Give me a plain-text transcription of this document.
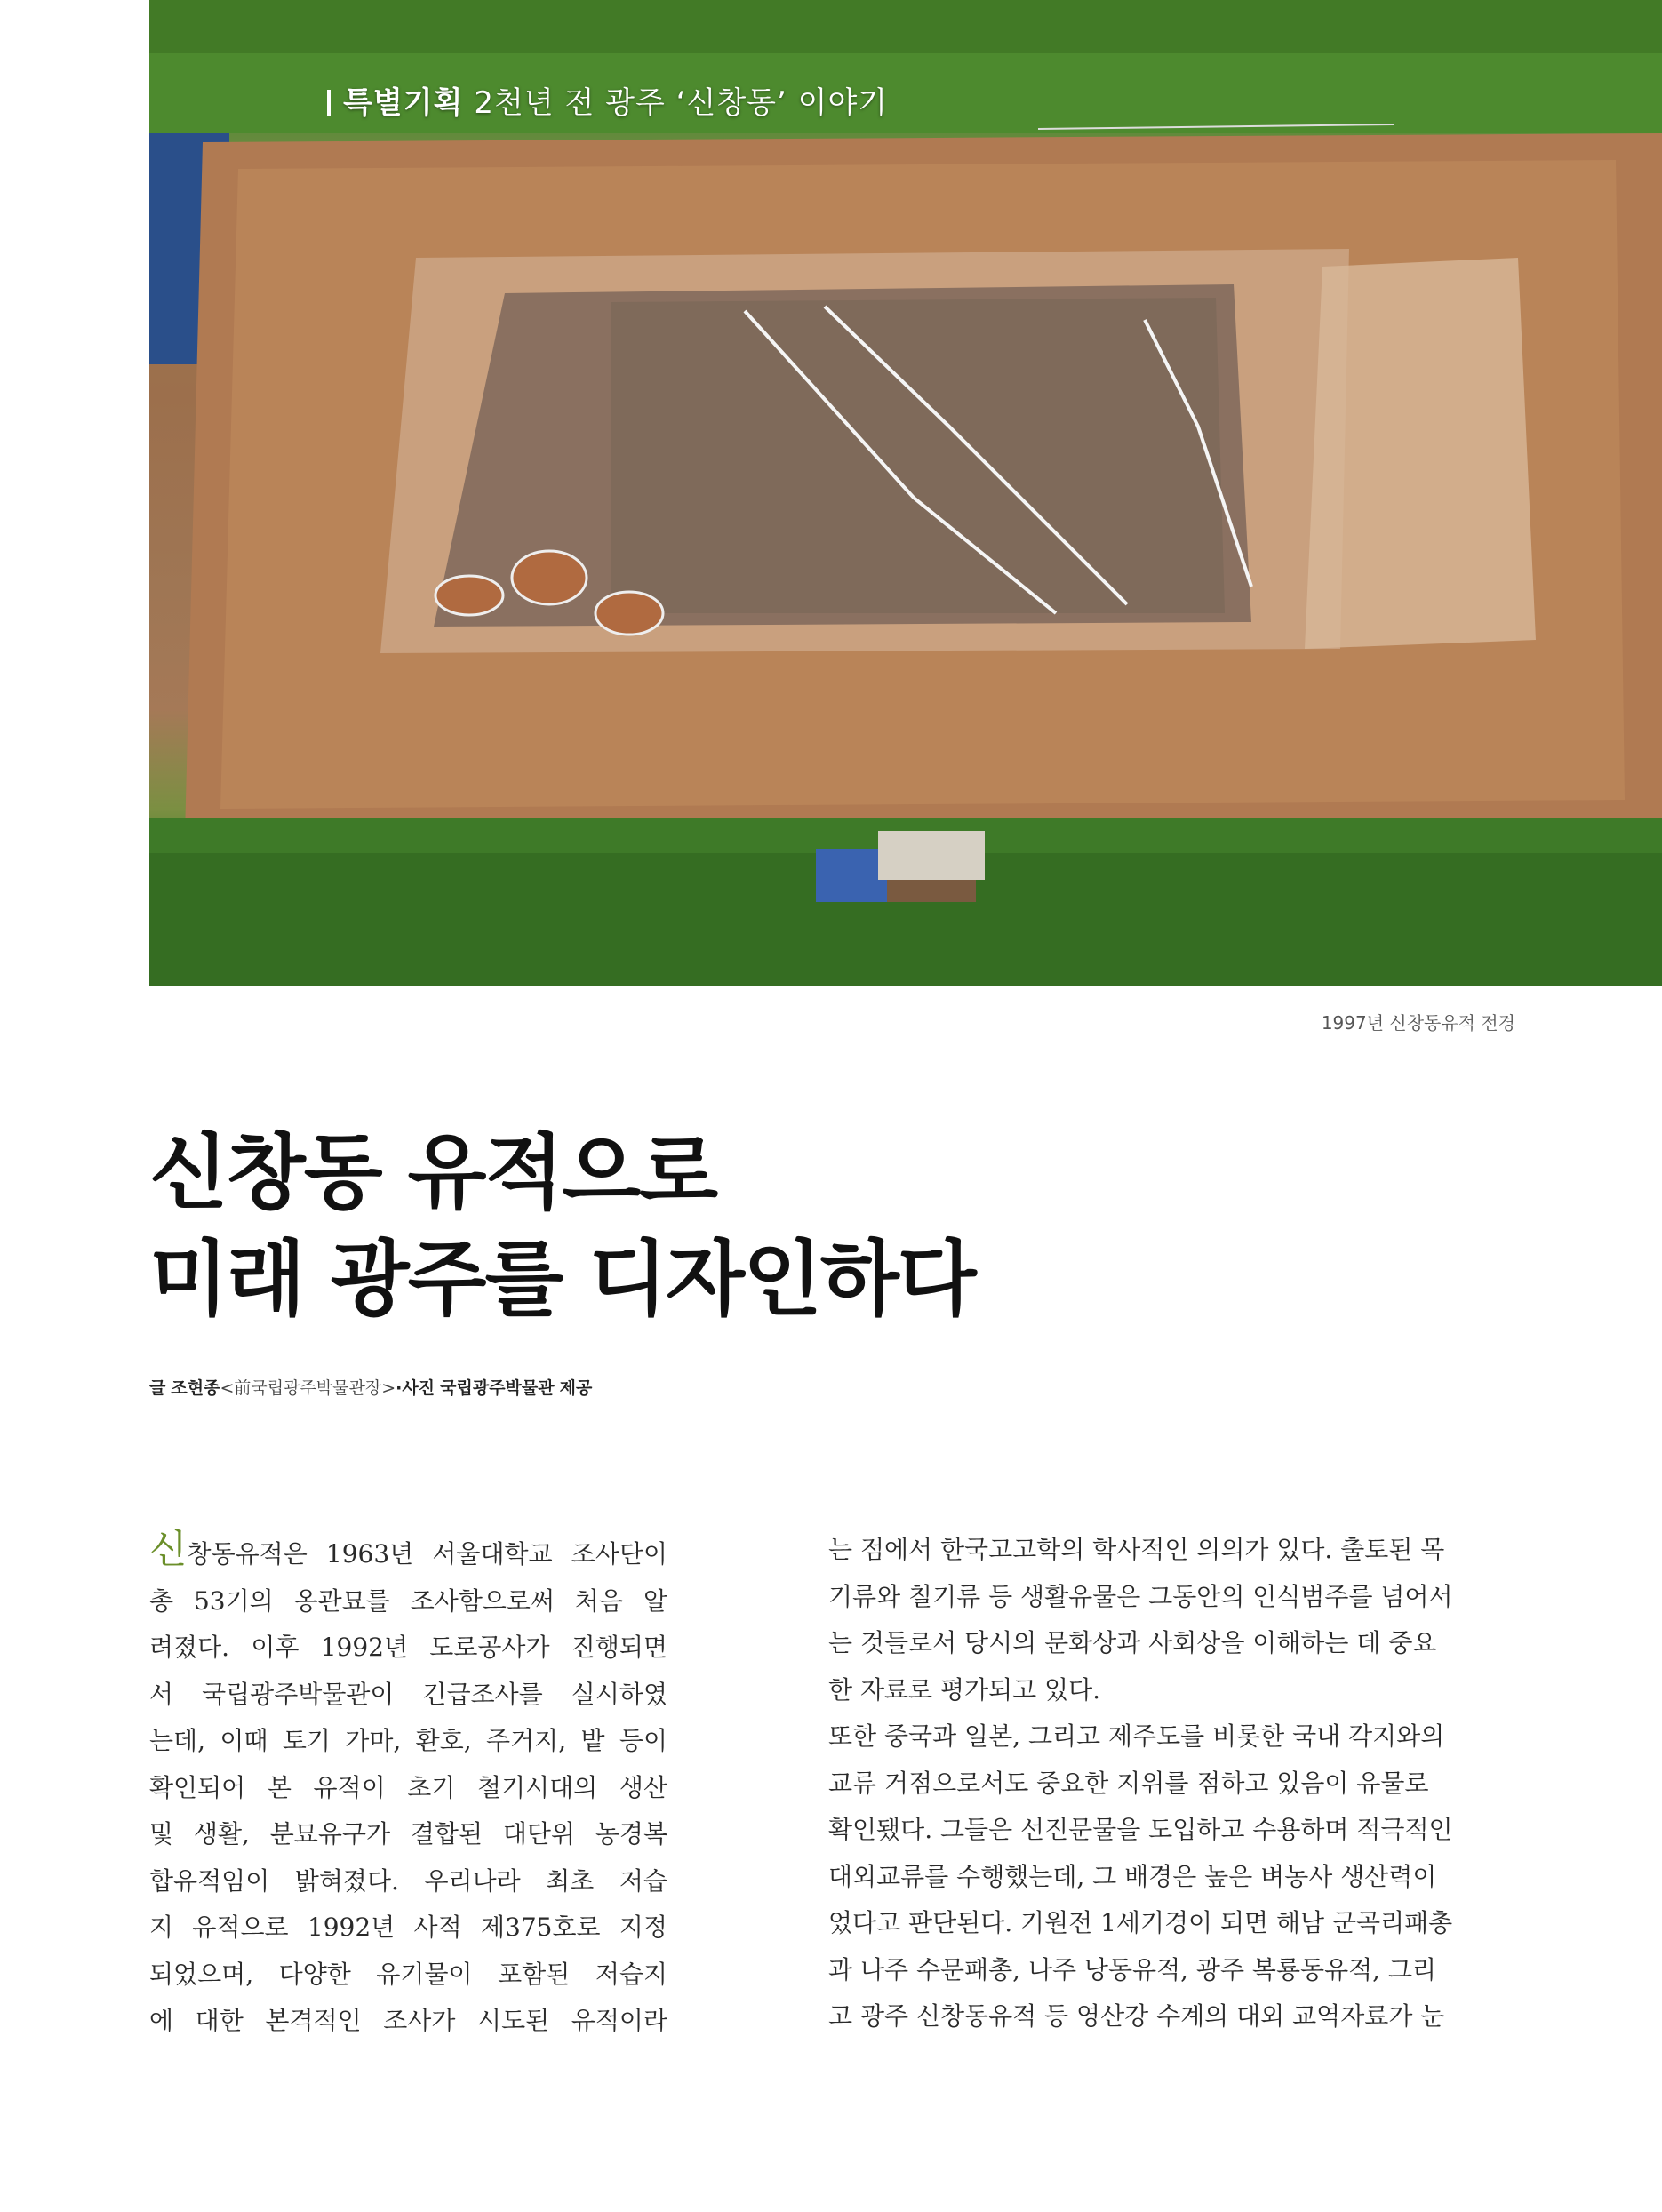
특별기획 2천년 전 광주 ‘신창동’ 이야기
1997년 신창동유적 전경
신창동 유적으로
미래 광주를 디자인하다
글 조현종<前국립광주박물관장>·사진 국립광주박물관 제공
신창동유적은 1963년 서울대학교 조사단이
총 53기의 옹관묘를 조사함으로써 처음 알
려졌다. 이후 1992년 도로공사가 진행되면
서 국립광주박물관이 긴급조사를 실시하였
는데, 이때 토기 가마, 환호, 주거지, 밭 등이
확인되어 본 유적이 초기 철기시대의 생산
및 생활, 분묘유구가 결합된 대단위 농경복
합유적임이 밝혀졌다. 우리나라 최초 저습
지 유적으로 1992년 사적 제375호로 지정
되었으며, 다양한 유기물이 포함된 저습지
에 대한 본격적인 조사가 시도된 유적이라
는 점에서 한국고고학의 학사적인 의의가 있다. 출토된 목
기류와 칠기류 등 생활유물은 그동안의 인식범주를 넘어서
는 것들로서 당시의 문화상과 사회상을 이해하는 데 중요
한 자료로 평가되고 있다.
또한 중국과 일본, 그리고 제주도를 비롯한 국내 각지와의
교류 거점으로서도 중요한 지위를 점하고 있음이 유물로
확인됐다. 그들은 선진문물을 도입하고 수용하며 적극적인
대외교류를 수행했는데, 그 배경은 높은 벼농사 생산력이
었다고 판단된다. 기원전 1세기경이 되면 해남 군곡리패총
과 나주 수문패총, 나주 낭동유적, 광주 복룡동유적, 그리
고 광주 신창동유적 등 영산강 수계의 대외 교역자료가 눈
